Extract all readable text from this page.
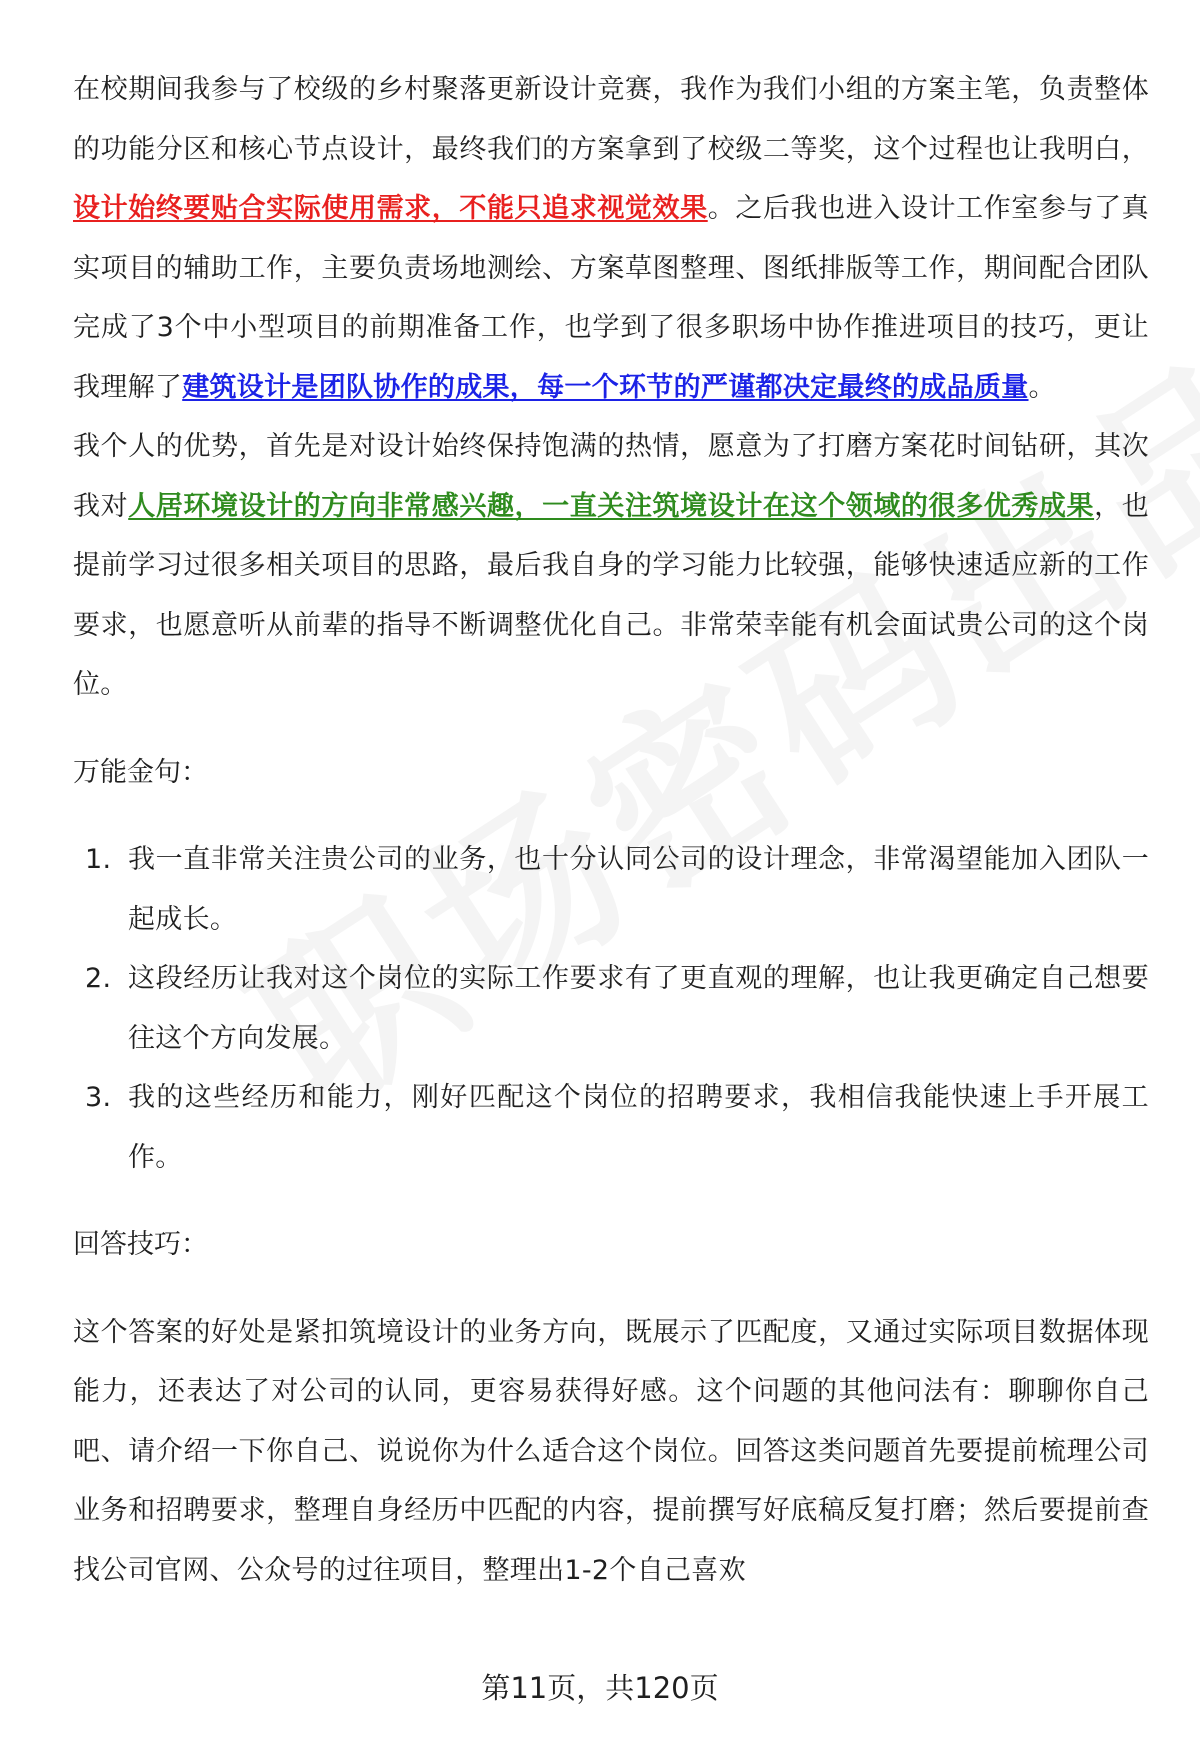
在校期间我参与了校级的乡村聚落更新设计竞赛，我作为我们小组的方案主笔，负责整体的功能分区和核心节点设计，最终我们的方案拿到了校级二等奖，这个过程也让我明白，设计始终要贴合实际使用需求，不能只追求视觉效果。之后我也进入设计工作室参与了真实项目的辅助工作，主要负责场地测绘、方案草图整理、图纸排版等工作，期间配合团队完成了3个中小型项目的前期准备工作，也学到了很多职场中协作推进项目的技巧，更让我理解了建筑设计是团队协作的成果，每一个环节的严谨都决定最终的成品质量。

我个人的优势，首先是对设计始终保持饱满的热情，愿意为了打磨方案花时间钻研，其次我对人居环境设计的方向非常感兴趣，一直关注筑境设计在这个领域的很多优秀成果，也提前学习过很多相关项目的思路，最后我自身的学习能力比较强，能够快速适应新的工作要求，也愿意听从前辈的指导不断调整优化自己。非常荣幸能有机会面试贵公司的这个岗位。

万能金句：

1. 我一直非常关注贵公司的业务，也十分认同公司的设计理念，非常渴望能加入团队一起成长。
2. 这段经历让我对这个岗位的实际工作要求有了更直观的理解，也让我更确定自己想要往这个方向发展。
3. 我的这些经历和能力，刚好匹配这个岗位的招聘要求，我相信我能快速上手开展工作。

回答技巧：

这个答案的好处是紧扣筑境设计的业务方向，既展示了匹配度，又通过实际项目数据体现能力，还表达了对公司的认同，更容易获得好感。这个问题的其他问法有：聊聊你自己吧、请介绍一下你自己、说说你为什么适合这个岗位。回答这类问题首先要提前梳理公司业务和招聘要求，整理自身经历中匹配的内容，提前撰写好底稿反复打磨；然后要提前查找公司官网、公众号的过往项目，整理出1-2个自己喜欢

第11页，共120页
